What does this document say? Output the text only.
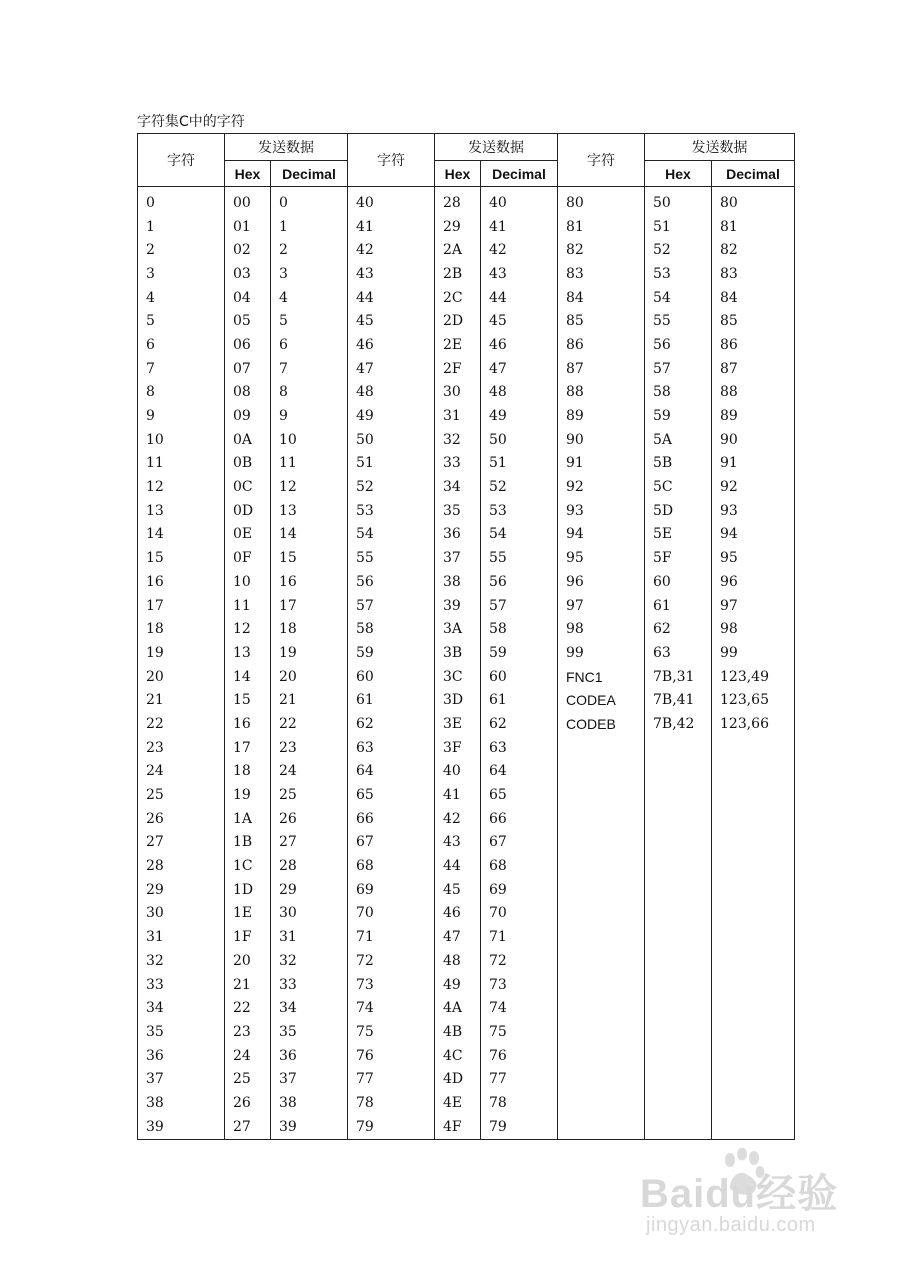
字符集C中的字符
字符	发送数据		字符	发送数据		字符	发送数据	
	Hex	Decimal		Hex	Decimal		Hex	Decimal
0	00	0	40	28	40	80	50	80
1	01	1	41	29	41	81	51	81
2	02	2	42	2A	42	82	52	82
3	03	3	43	2B	43	83	53	83
4	04	4	44	2C	44	84	54	84
5	05	5	45	2D	45	85	55	85
6	06	6	46	2E	46	86	56	86
7	07	7	47	2F	47	87	57	87
8	08	8	48	30	48	88	58	88
9	09	9	49	31	49	89	59	89
10	0A	10	50	32	50	90	5A	90
11	0B	11	51	33	51	91	5B	91
12	0C	12	52	34	52	92	5C	92
13	0D	13	53	35	53	93	5D	93
14	0E	14	54	36	54	94	5E	94
15	0F	15	55	37	55	95	5F	95
16	10	16	56	38	56	96	60	96
17	11	17	57	39	57	97	61	97
18	12	18	58	3A	58	98	62	98
19	13	19	59	3B	59	99	63	99
20	14	20	60	3C	60	FNC1	7B,31	123,49
21	15	21	61	3D	61	CODEA	7B,41	123,65
22	16	22	62	3E	62	CODEB	7B,42	123,66
23	17	23	63	3F	63			
24	18	24	64	40	64			
25	19	25	65	41	65			
26	1A	26	66	42	66			
27	1B	27	67	43	67			
28	1C	28	68	44	68			
29	1D	29	69	45	69			
30	1E	30	70	46	70			
31	1F	31	71	47	71			
32	20	32	72	48	72			
33	21	33	73	49	73			
34	22	34	74	4A	74			
35	23	35	75	4B	75			
36	24	36	76	4C	76			
37	25	37	77	4D	77			
38	26	38	78	4E	78			
39	27	39	79	4F	79			
Baidu经验
jingyan.baidu.com
